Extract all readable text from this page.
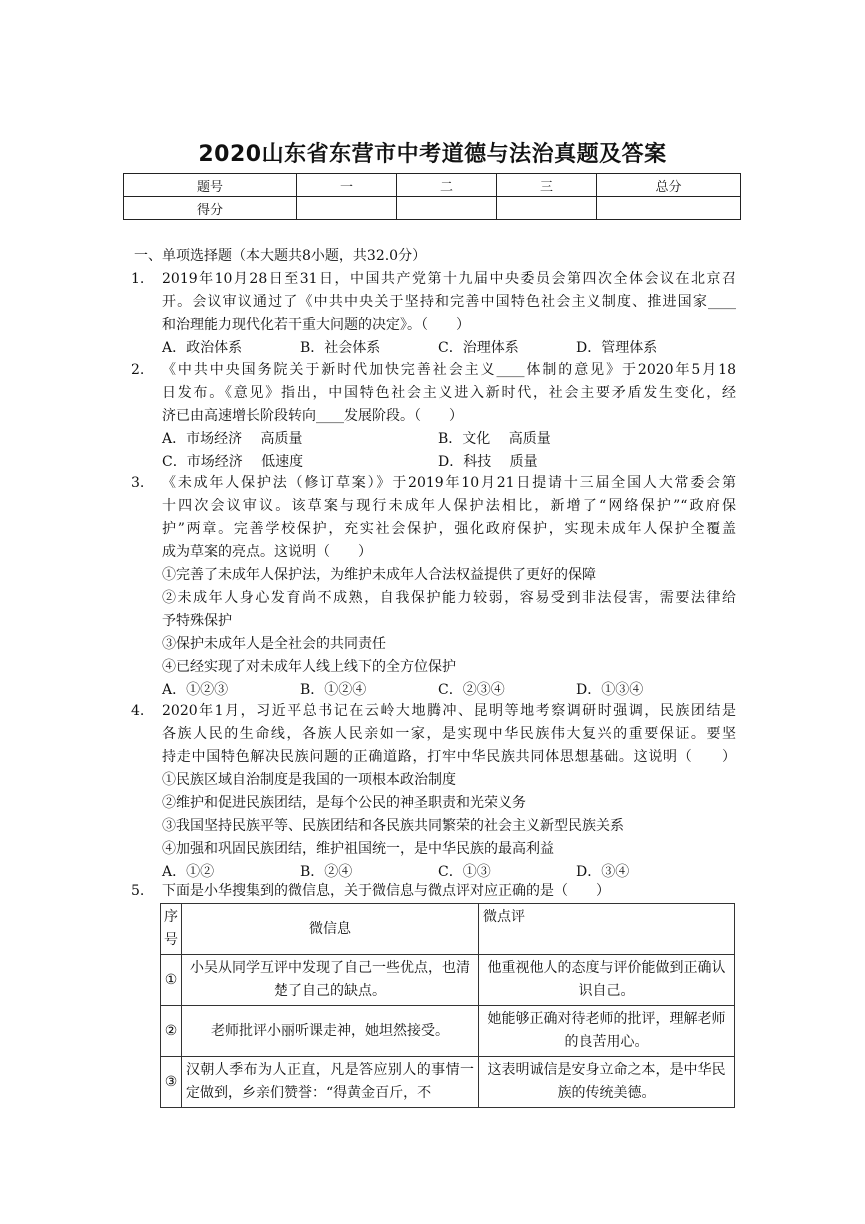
2020山东省东营市中考道德与法治真题及答案
题号	一	二	三	总分
得分				
一、单项选择题（本大题共8小题，共32.0分）
1.	2019年10月28日至31日，中国共产党第十九届中央委员会第四次全体会议在北京召
开。会议审议通过了《中共中央关于坚持和完善中国特色社会主义制度、推进国家____
和治理能力现代化若干重大问题的决定》。（　　）
A．政治体系	B．社会体系	C．治理体系	D．管理体系
2.	《中共中央国务院关于新时代加快完善社会主义____体制的意见》于2020年5月18
日发布。《意见》指出，中国特色社会主义进入新时代，社会主要矛盾发生变化，经
济已由高速增长阶段转向____发展阶段。（　　）
A．市场经济　 高质量	B．文化　 高质量
C．市场经济　 低速度	D．科技　 质量
3.	《未成年人保护法（修订草案）》于2019年10月21日提请十三届全国人大常委会第
十四次会议审议。该草案与现行未成年人保护法相比，新增了“网络保护”“政府保
护”两章。完善学校保护，充实社会保护，强化政府保护，实现未成年人保护全覆盖
成为草案的亮点。这说明（　　）
①完善了未成年人保护法，为维护未成年人合法权益提供了更好的保障
②未成年人身心发育尚不成熟，自我保护能力较弱，容易受到非法侵害，需要法律给
予特殊保护
③保护未成年人是全社会的共同责任
④已经实现了对未成年人线上线下的全方位保护
A．①②③	B．①②④	C．②③④	D．①③④
4.	2020年1月，习近平总书记在云岭大地腾冲、昆明等地考察调研时强调，民族团结是
各族人民的生命线，各族人民亲如一家，是实现中华民族伟大复兴的重要保证。要坚
持走中国特色解决民族问题的正确道路，打牢中华民族共同体思想基础。这说明（　　）
①民族区域自治制度是我国的一项根本政治制度
②维护和促进民族团结，是每个公民的神圣职责和光荣义务
③我国坚持民族平等、民族团结和各民族共同繁荣的社会主义新型民族关系
④加强和巩固民族团结，维护祖国统一，是中华民族的最高利益
A．①②	B．②④	C．①③	D．③④
5.	下面是小华搜集到的微信息，关于微信息与微点评对应正确的是（　　）
序号	微信息	微点评
①	小吴从同学互评中发现了自己一些优点，也清楚了自己的缺点。	他重视他人的态度与评价能做到正确认识自己。
②	老师批评小丽听课走神，她坦然接受。	她能够正确对待老师的批评，理解老师的良苦用心。
③	汉朝人季布为人正直，凡是答应别人的事情一定做到，乡亲们赞誉：“得黄金百斤，不	这表明诚信是安身立命之本，是中华民族的传统美德。
